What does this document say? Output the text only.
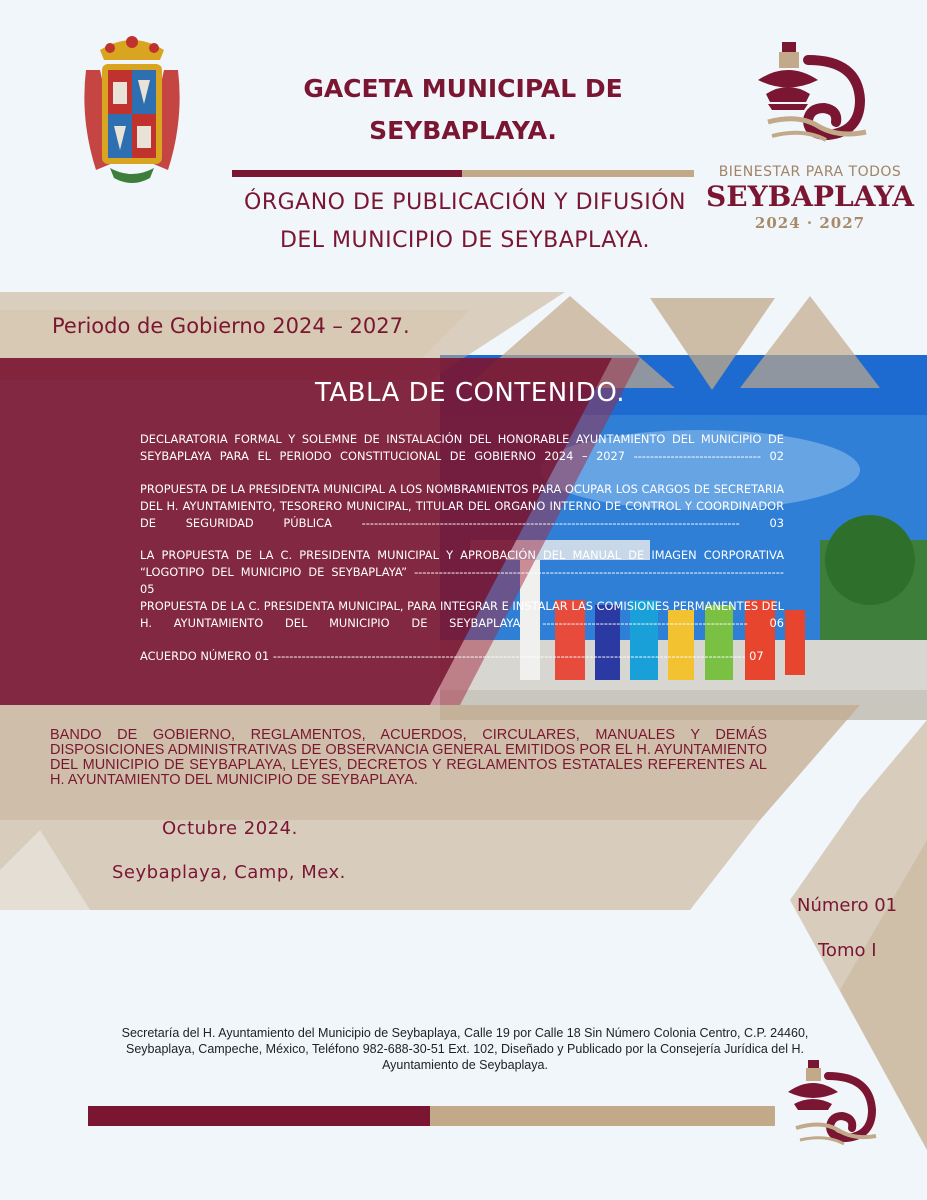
GACETA MUNICIPAL DE
SEYBAPLAYA.
ÓRGANO DE PUBLICACIÓN Y DIFUSIÓN
DEL MUNICIPIO DE SEYBAPLAYA.
BIENESTAR PARA TODOS
SEYBAPLAYA
2024 · 2027
Periodo de Gobierno 2024 – 2027.
TABLA DE CONTENIDO.
DECLARATORIA FORMAL Y SOLEMNE DE INSTALACIÓN DEL HONORABLE AYUNTAMIENTO DEL MUNICIPIO DE SEYBAPLAYA PARA EL PERIODO CONSTITUCIONAL DE GOBIERNO 2024 – 2027 ------------------------------- 02
PROPUESTA DE LA PRESIDENTA MUNICIPAL A LOS NOMBRAMIENTOS PARA OCUPAR LOS CARGOS DE SECRETARIA DEL H. AYUNTAMIENTO, TESORERO MUNICIPAL, TITULAR DEL ORGANO INTERNO DE CONTROL Y COORDINADOR DE SEGURIDAD PÚBLICA -------------------------------------------------------------------------------------------- 03
LA PROPUESTA DE LA C. PRESIDENTA MUNICIPAL Y APROBACIÓN DEL MANUAL DE IMAGEN CORPORATIVA “LOGOTIPO DEL MUNICIPIO DE SEYBAPLAYA” ------------------------------------------------------------------------------------------ 05
PROPUESTA DE LA C. PRESIDENTA MUNICIPAL, PARA INTEGRAR E INSTALAR LAS COMISIONES PERMANENTES DEL H. AYUNTAMIENTO DEL MUNICIPIO DE SEYBAPLAYA -------------------------------------------------- 06
ACUERDO NÚMERO 01 ------------------------------------------------------------------------------------------------------------------- 07
BANDO DE GOBIERNO, REGLAMENTOS, ACUERDOS, CIRCULARES, MANUALES Y DEMÁS DISPOSICIONES ADMINISTRATIVAS DE OBSERVANCIA GENERAL EMITIDOS POR EL H. AYUNTAMIENTO DEL MUNICIPIO DE SEYBAPLAYA, LEYES, DECRETOS Y REGLAMENTOS ESTATALES REFERENTES AL H. AYUNTAMIENTO DEL MUNICIPIO DE SEYBAPLAYA.
Octubre 2024.
Seybaplaya, Camp, Mex.
Número 01
Tomo I
Secretaría del H. Ayuntamiento del Municipio de Seybaplaya, Calle 19 por Calle 18 Sin Número Colonia Centro, C.P. 24460, Seybaplaya, Campeche, México, Teléfono 982-688-30-51 Ext. 102, Diseñado y Publicado por la Consejería Jurídica del H. Ayuntamiento de Seybaplaya.
